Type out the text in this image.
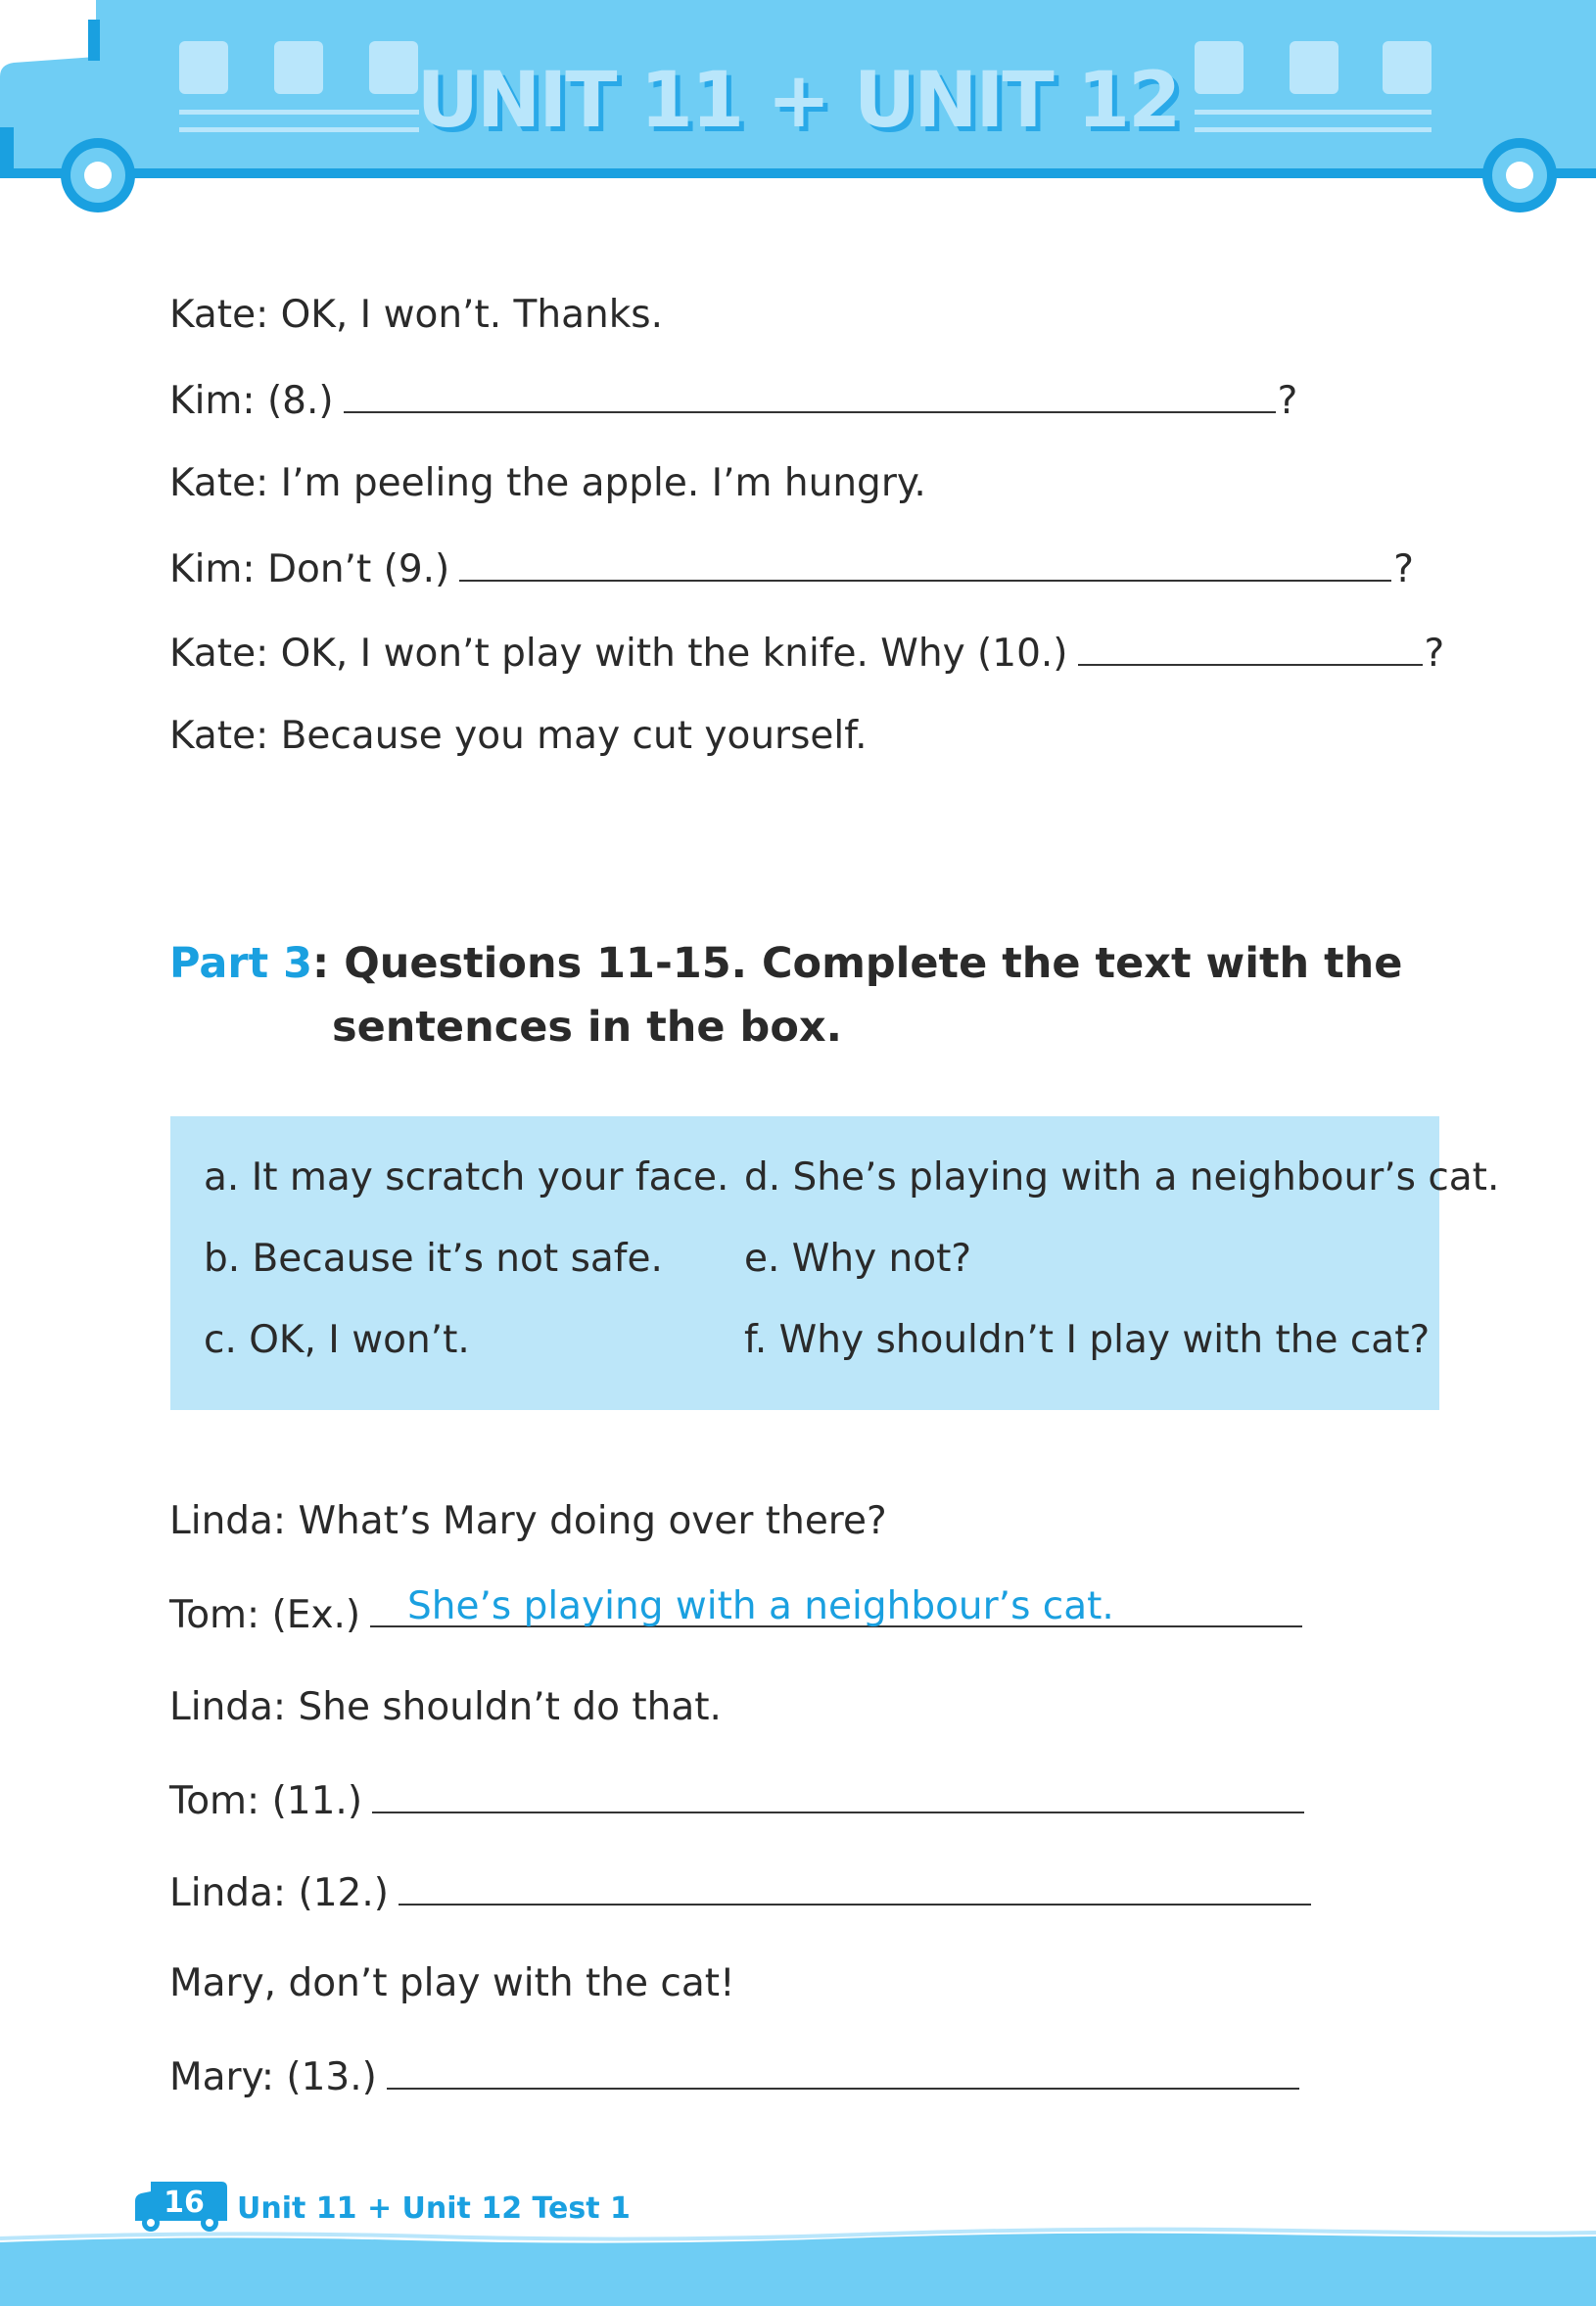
UNIT 11 + UNIT 12
Kate: OK, I won’t. Thanks.
Kim: (8.)	?
Kate: I’m peeling the apple. I’m hungry.
Kim: Don’t (9.)	?
Kate: OK, I won’t play with the knife. Why (10.)	?
Kate: Because you may cut yourself.
Part 3: Questions 11-15. Complete the text with the
sentences in the box.
a. It may scratch your face.
b. Because it’s not safe.
c. OK, I won’t.
d. She’s playing with a neighbour’s cat.
e. Why not?
f. Why shouldn’t I play with the cat?
Linda: What’s Mary doing over there?
Tom: (Ex.)	She’s playing with a neighbour’s cat.
Linda: She shouldn’t do that.
Tom: (11.)
Linda: (12.)
Mary, don’t play with the cat!
Mary: (13.)
16 Unit 11 + Unit 12 Test 1
